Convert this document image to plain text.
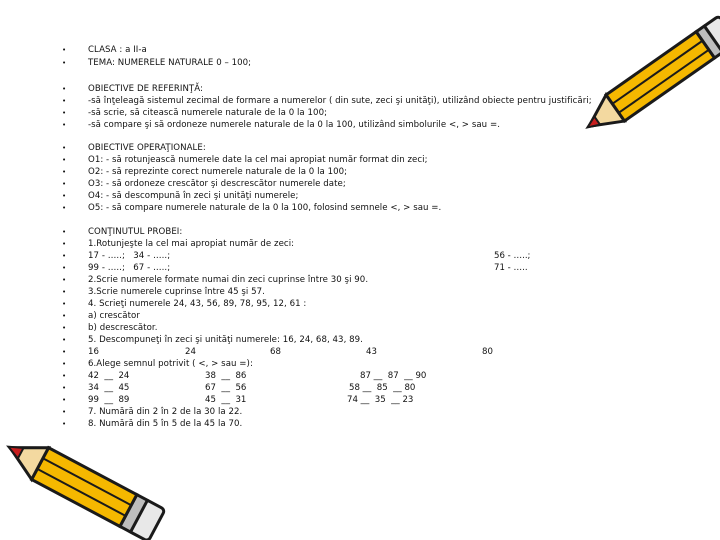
•	CLASA : a II-a
•	TEMA: NUMERELE NATURALE 0 – 100;
•	OBIECTIVE DE REFERINŢĂ:
•	-să înţeleagă sistemul zecimal de formare a numerelor ( din sute, zeci şi unităţi), utilizând obiecte pentru justificări;
•	-să scrie, să citească numerele naturale de la 0 la 100;
•	-să compare şi să ordoneze numerele naturale de la 0 la 100, utilizând simbolurile <, > sau =.
•	OBIECTIVE OPERAŢIONALE:
•	O1: - să rotunjească numerele date la cel mai apropiat număr format din zeci;
•	O2: - să reprezinte corect numerele naturale de la 0 la 100;
•	O3: - să ordoneze crescător şi descrescător numerele date;
•	O4: - să descompună în zeci şi unităţi numerele;
•	O5: - să compare numerele naturale de la 0 la 100, folosind semnele <, > sau =.
•	CONŢINUTUL PROBEI:
•	1.Rotunjeşte la cel mai apropiat număr de zeci:
•	17 - …..;   34 - …..;	56 - …..;
•	99 - …..;   67 - …..;	71 - …..
•	2.Scrie numerele formate numai din zeci cuprinse între 30 şi 90.
•	3.Scrie numerele cuprinse între 45 şi 57.
•	4. Scrieţi numerele 24, 43, 56, 89, 78, 95, 12, 61 :
•	a) crescător
•	b) descrescător.
•	5. Descompuneţi în zeci şi unităţi numerele: 16, 24, 68, 43, 89.
•	16	24	68	43	80
•	6.Alege semnul potrivit ( <, > sau =):
•	42  __  24	38  __  86	87 __  87  __ 90
•	34  __  45	67  __  56	58 __  85  __ 80
•	99  __  89	45  __  31	74 __  35  __ 23
•	7. Numără din 2 în 2 de la 30 la 22.
•	8. Numără din 5 în 5 de la 45 la 70.
